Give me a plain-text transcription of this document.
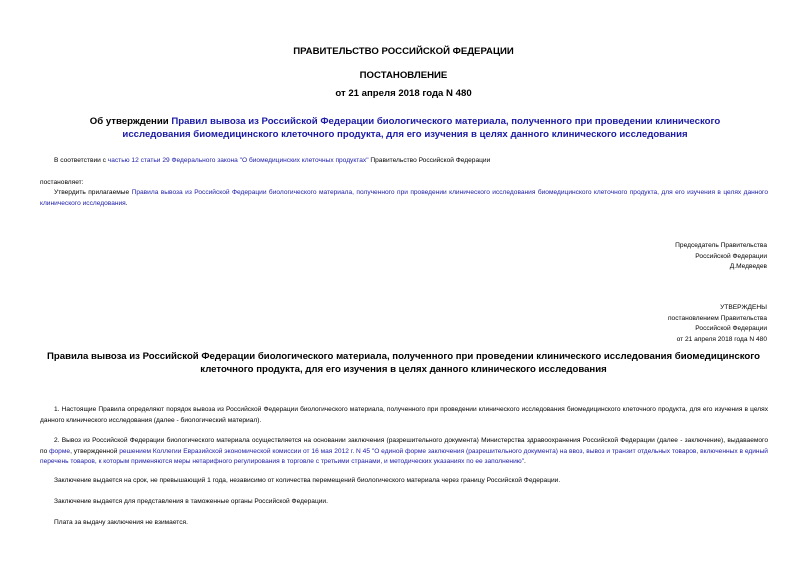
ПРАВИТЕЛЬСТВО РОССИЙСКОЙ ФЕДЕРАЦИИ
ПОСТАНОВЛЕНИЕ
от 21 апреля 2018 года N 480
Об утверждении Правил вывоза из Российской Федерации биологического материала, полученного при проведении клинического исследования биомедицинского клеточного продукта, для его изучения в целях данного клинического исследования
В соответствии с частью 12 статьи 29 Федерального закона "О биомедицинских клеточных продуктах" Правительство Российской Федерации
постановляет:
Утвердить прилагаемые Правила вывоза из Российской Федерации биологического материала, полученного при проведении клинического исследования биомедицинского клеточного продукта, для его изучения в целях данного клинического исследования.
Председатель Правительства
Российской Федерации
Д.Медведев
УТВЕРЖДЕНЫ
постановлением Правительства
Российской Федерации
от 21 апреля 2018 года N 480
Правила вывоза из Российской Федерации биологического материала, полученного при проведении клинического исследования биомедицинского клеточного продукта, для его изучения в целях данного клинического исследования
1. Настоящие Правила определяют порядок вывоза из Российской Федерации биологического материала, полученного при проведении клинического исследования биомедицинского клеточного продукта, для его изучения в целях данного клинического исследования (далее - биологический материал).
2. Вывоз из Российской Федерации биологического материала осуществляется на основании заключения (разрешительного документа) Министерства здравоохранения Российской Федерации (далее - заключение), выдаваемого по форме, утвержденной решением Коллегии Евразийской экономической комиссии от 16 мая 2012 г. N 45 "О единой форме заключения (разрешительного документа) на ввоз, вывоз и транзит отдельных товаров, включенных в единый перечень товаров, к которым применяются меры нетарифного регулирования в торговле с третьими странами, и методических указаниях по ее заполнению".
Заключение выдается на срок, не превышающий 1 года, независимо от количества перемещений биологического материала через границу Российской Федерации.
Заключение выдается для представления в таможенные органы Российской Федерации.
Плата за выдачу заключения не взимается.
